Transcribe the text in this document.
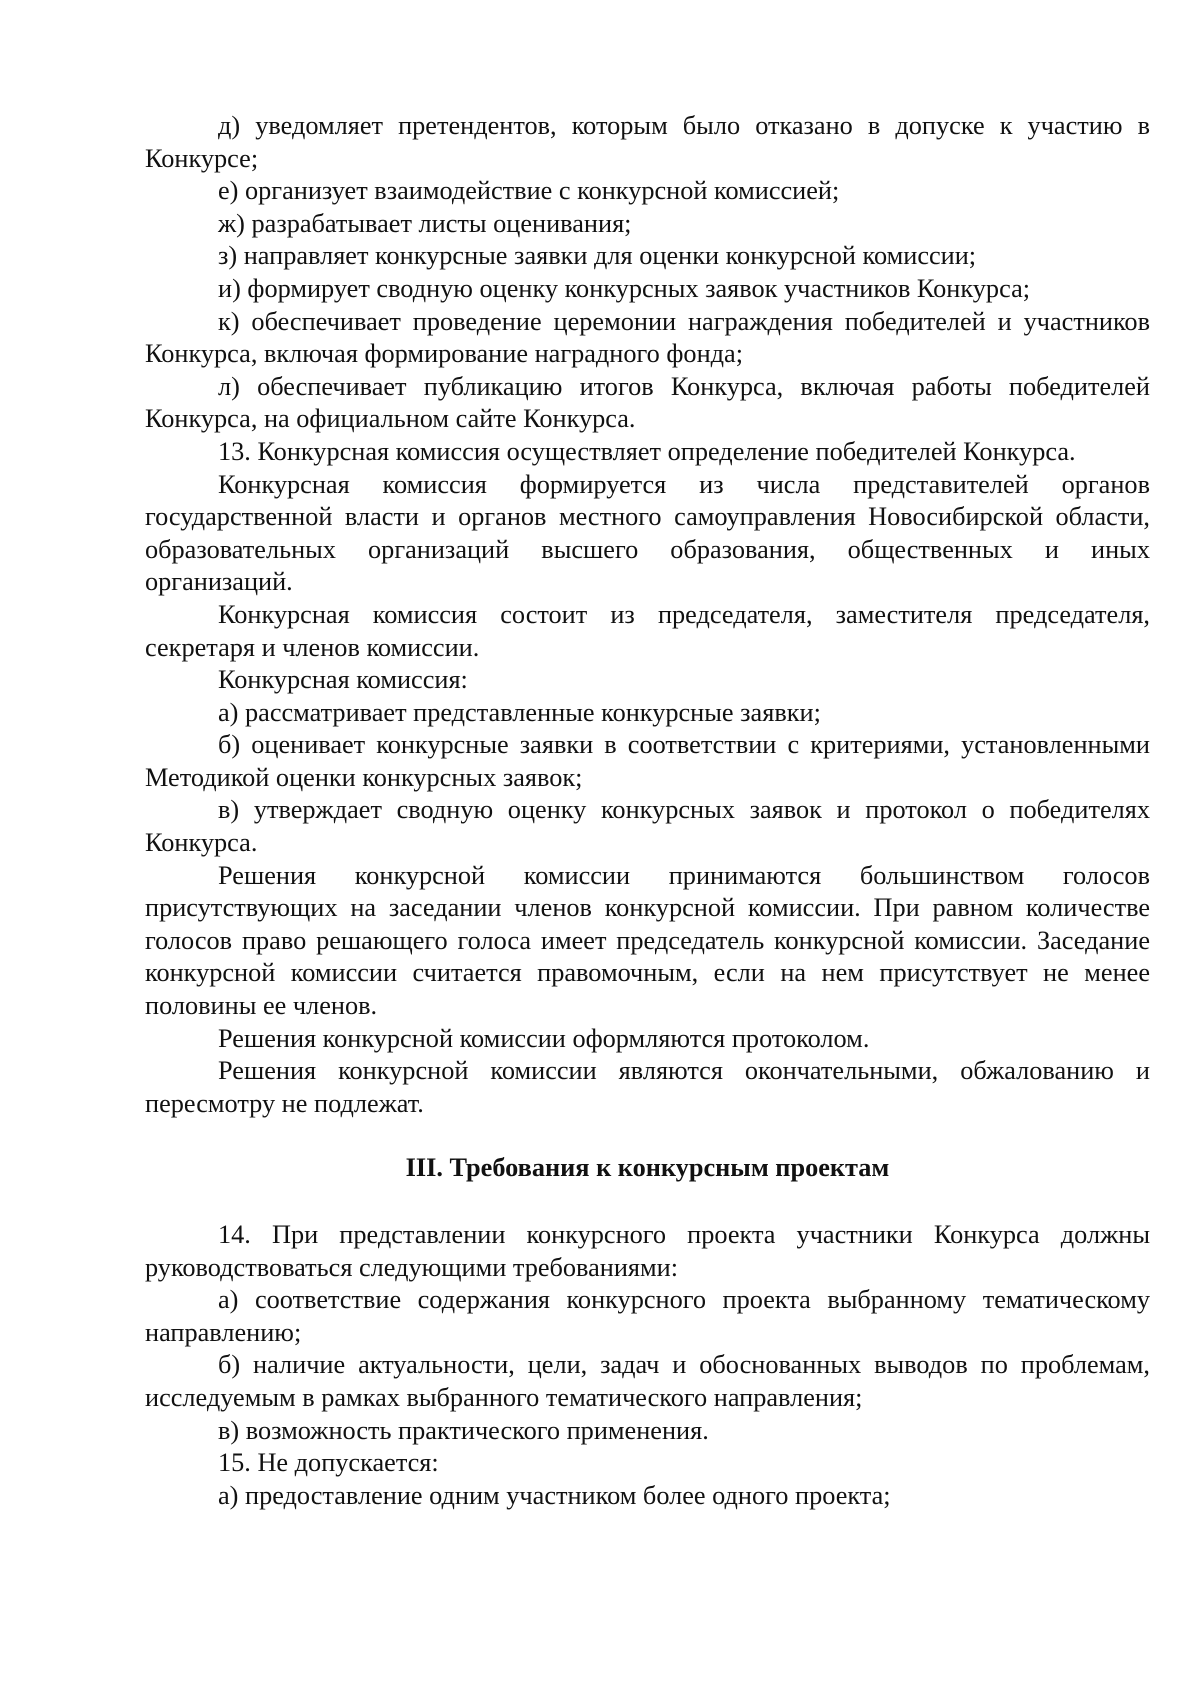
д) уведомляет претендентов, которым было отказано в допуске к участию в Конкурсе;

е) организует взаимодействие с конкурсной комиссией;

ж) разрабатывает листы оценивания;

з) направляет конкурсные заявки для оценки конкурсной комиссии;

и) формирует сводную оценку конкурсных заявок участников Конкурса;

к) обеспечивает проведение церемонии награждения победителей и участников Конкурса, включая формирование наградного фонда;

л) обеспечивает публикацию итогов Конкурса, включая работы победителей Конкурса, на официальном сайте Конкурса.

13. Конкурсная комиссия осуществляет определение победителей Конкурса.

Конкурсная комиссия формируется из числа представителей органов государственной власти и органов местного самоуправления Новосибирской области, образовательных организаций высшего образования, общественных и иных организаций.

Конкурсная комиссия состоит из председателя, заместителя председателя, секретаря и членов комиссии.

Конкурсная комиссия:

а) рассматривает представленные конкурсные заявки;

б) оценивает конкурсные заявки в соответствии с критериями, установленными Методикой оценки конкурсных заявок;

в) утверждает сводную оценку конкурсных заявок и протокол о победителях Конкурса.

Решения конкурсной комиссии принимаются большинством голосов присутствующих на заседании членов конкурсной комиссии. При равном количестве голосов право решающего голоса имеет председатель конкурсной комиссии. Заседание конкурсной комиссии считается правомочным, если на нем присутствует не менее половины ее членов.

Решения конкурсной комиссии оформляются протоколом.

Решения конкурсной комиссии являются окончательными, обжалованию и пересмотру не подлежат.

III. Требования к конкурсным проектам

14. При представлении конкурсного проекта участники Конкурса должны руководствоваться следующими требованиями:

а) соответствие содержания конкурсного проекта выбранному тематическому направлению;

б) наличие актуальности, цели, задач и обоснованных выводов по проблемам, исследуемым в рамках выбранного тематического направления;

в) возможность практического применения.

15. Не допускается:

а) предоставление одним участником более одного проекта;
